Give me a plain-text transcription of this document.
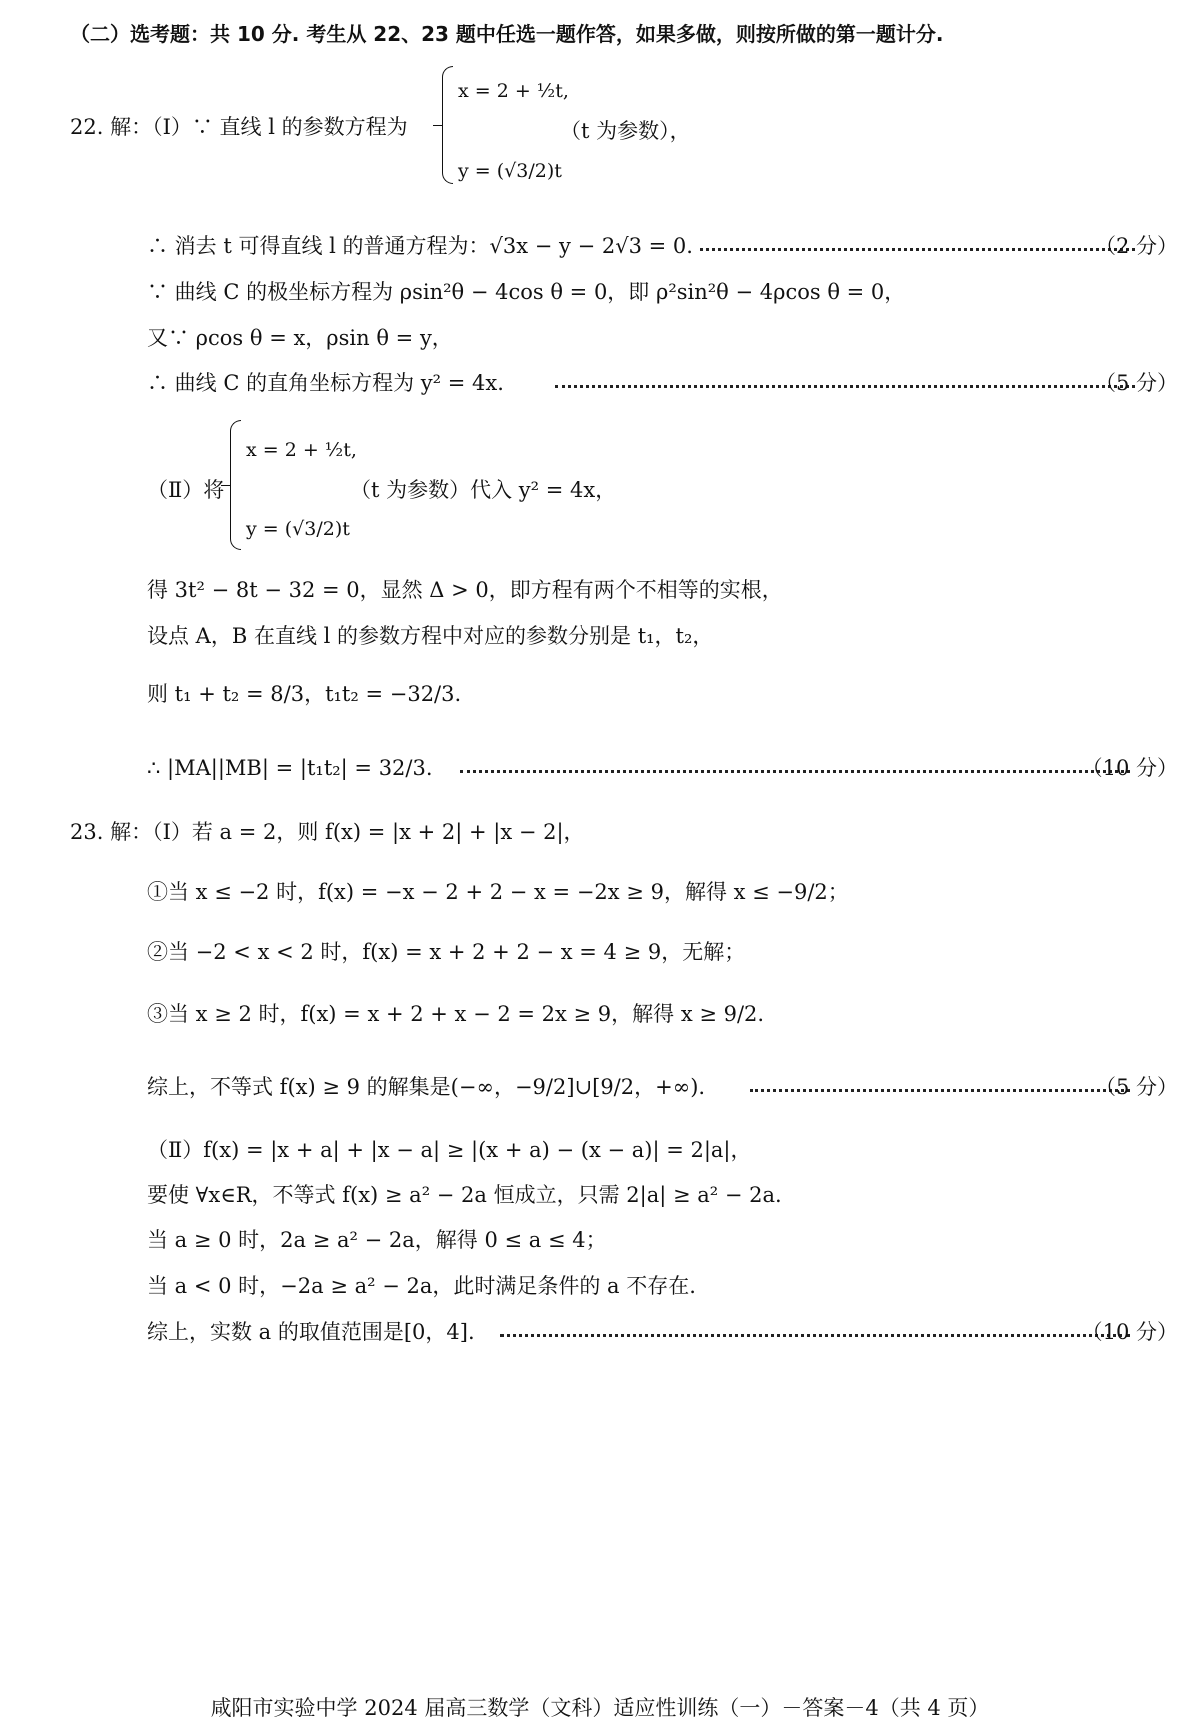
（二）选考题：共 10 分. 考生从 22、23 题中任选一题作答，如果多做，则按所做的第一题计分.
22. 解：（Ⅰ）∵ 直线 l 的参数方程为
x = 2 + ½t,
y = (√3/2)t
（t 为参数），
∴ 消去 t 可得直线 l 的普通方程为：√3x − y − 2√3 = 0.	（2 分）
∵ 曲线 C 的极坐标方程为 ρsin²θ − 4cos θ = 0，即 ρ²sin²θ − 4ρcos θ = 0，
又∵ ρcos θ = x，ρsin θ = y，
∴ 曲线 C 的直角坐标方程为 y² = 4x.	（5 分）
（Ⅱ）将
x = 2 + ½t,
y = (√3/2)t
（t 为参数）代入 y² = 4x，
得 3t² − 8t − 32 = 0，显然 Δ > 0，即方程有两个不相等的实根，
设点 A，B 在直线 l 的参数方程中对应的参数分别是 t₁，t₂，
则 t₁ + t₂ = 8/3，t₁t₂ = −32/3.
∴ |MA||MB| = |t₁t₂| = 32/3.	（10 分）
23. 解：（Ⅰ）若 a = 2，则 f(x) = |x + 2| + |x − 2|，
①当 x ≤ −2 时，f(x) = −x − 2 + 2 − x = −2x ≥ 9，解得 x ≤ −9/2；
②当 −2 < x < 2 时，f(x) = x + 2 + 2 − x = 4 ≥ 9，无解；
③当 x ≥ 2 时，f(x) = x + 2 + x − 2 = 2x ≥ 9，解得 x ≥ 9/2.
综上，不等式 f(x) ≥ 9 的解集是(−∞，−9/2]∪[9/2，+∞).	（5 分）
（Ⅱ）f(x) = |x + a| + |x − a| ≥ |(x + a) − (x − a)| = 2|a|，
要使 ∀x∈R，不等式 f(x) ≥ a² − 2a 恒成立，只需 2|a| ≥ a² − 2a.
当 a ≥ 0 时，2a ≥ a² − 2a，解得 0 ≤ a ≤ 4；
当 a < 0 时，−2a ≥ a² − 2a，此时满足条件的 a 不存在.
综上，实数 a 的取值范围是[0，4].	（10 分）
咸阳市实验中学 2024 届高三数学（文科）适应性训练（一）－答案－4（共 4 页）
